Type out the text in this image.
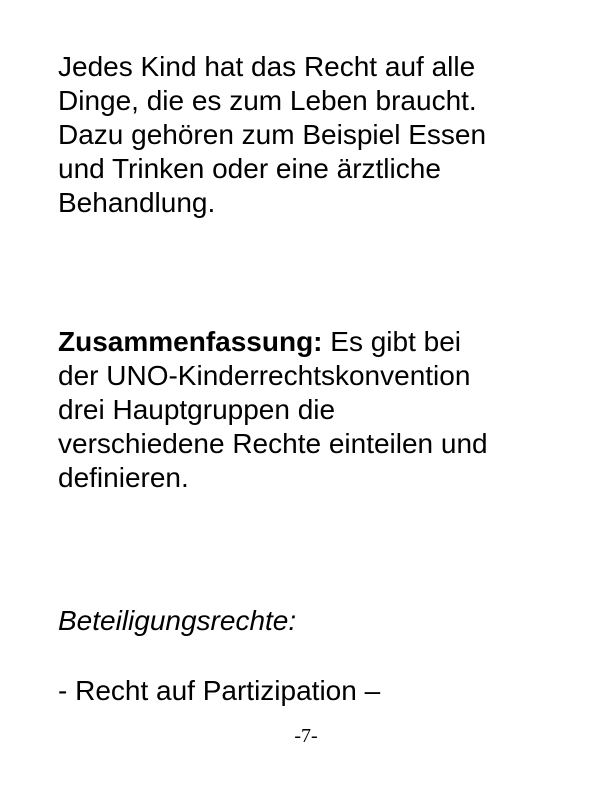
Jedes Kind hat das Recht auf alle
Dinge, die es zum Leben braucht.
Dazu gehören zum Beispiel Essen
und Trinken oder eine ärztliche
Behandlung.
Zusammenfassung: Es gibt bei
der UNO-Kinderrechtskonvention
drei Hauptgruppen die
verschiedene Rechte einteilen und
definieren.
Beteiligungsrechte:
- Recht auf Partizipation –
-7-
